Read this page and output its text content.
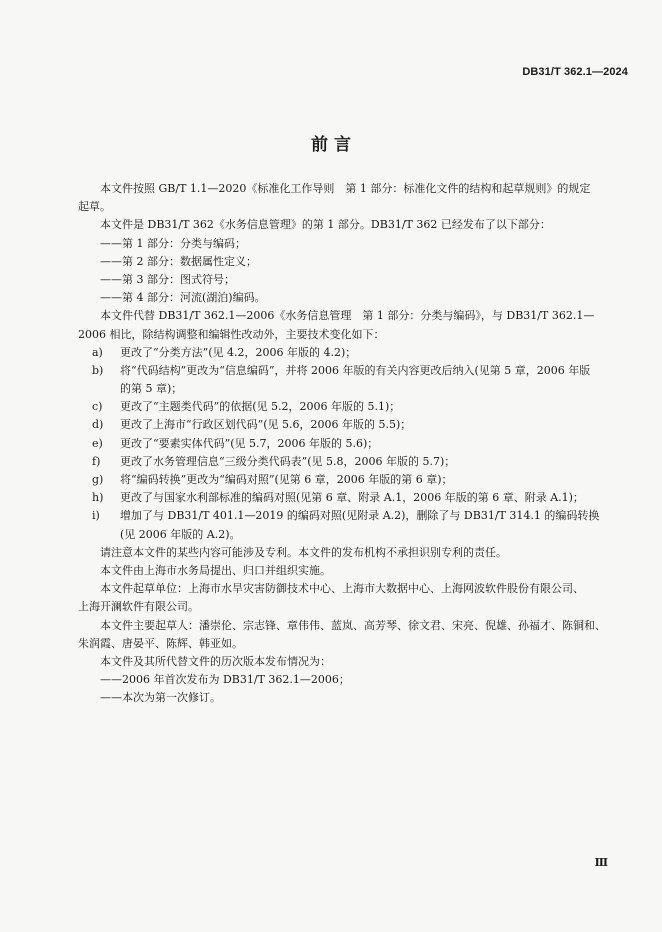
DB31/T 362.1—2024
前 言
本文件按照 GB/T 1.1—2020《标准化工作导则　第 1 部分：标准化文件的结构和起草规则》的规定
起草。
本文件是 DB31/T 362《水务信息管理》的第 1 部分。DB31/T 362 已经发布了以下部分：
——第 1 部分：分类与编码；
——第 2 部分：数据属性定义；
——第 3 部分：图式符号；
——第 4 部分：河流(湖泊)编码。
本文件代替 DB31/T 362.1—2006《水务信息管理　第 1 部分：分类与编码》，与 DB31/T 362.1—
2006 相比，除结构调整和编辑性改动外，主要技术变化如下：
a)	更改了“分类方法”(见 4.2，2006 年版的 4.2)；
b)	将“代码结构”更改为“信息编码”，并将 2006 年版的有关内容更改后纳入(见第 5 章，2006 年版
的第 5 章)；
c)	更改了“主题类代码”的依据(见 5.2，2006 年版的 5.1)；
d)	更改了上海市“行政区划代码”(见 5.6，2006 年版的 5.5)；
e)	更改了“要素实体代码”(见 5.7，2006 年版的 5.6)；
f)	更改了水务管理信息“三级分类代码表”(见 5.8，2006 年版的 5.7)；
g)	将“编码转换”更改为“编码对照”(见第 6 章，2006 年版的第 6 章)；
h)	更改了与国家水利部标准的编码对照(见第 6 章、附录 A.1，2006 年版的第 6 章、附录 A.1)；
i)	增加了与 DB31/T 401.1—2019 的编码对照(见附录 A.2)，删除了与 DB31/T 314.1 的编码转换
(见 2006 年版的 A.2)。
请注意本文件的某些内容可能涉及专利。本文件的发布机构不承担识别专利的责任。
本文件由上海市水务局提出、归口并组织实施。
本文件起草单位：上海市水旱灾害防御技术中心、上海市大数据中心、上海网波软件股份有限公司、
上海开澜软件有限公司。
本文件主要起草人：潘崇伦、宗志锋、章伟伟、蓝岚、高芳琴、徐文君、宋亮、倪雄、孙福才、陈铜和、
朱润霞、唐晏平、陈辉、韩亚如。
本文件及其所代替文件的历次版本发布情况为：
——2006 年首次发布为 DB31/T 362.1—2006；
——本次为第一次修订。
Ⅲ
